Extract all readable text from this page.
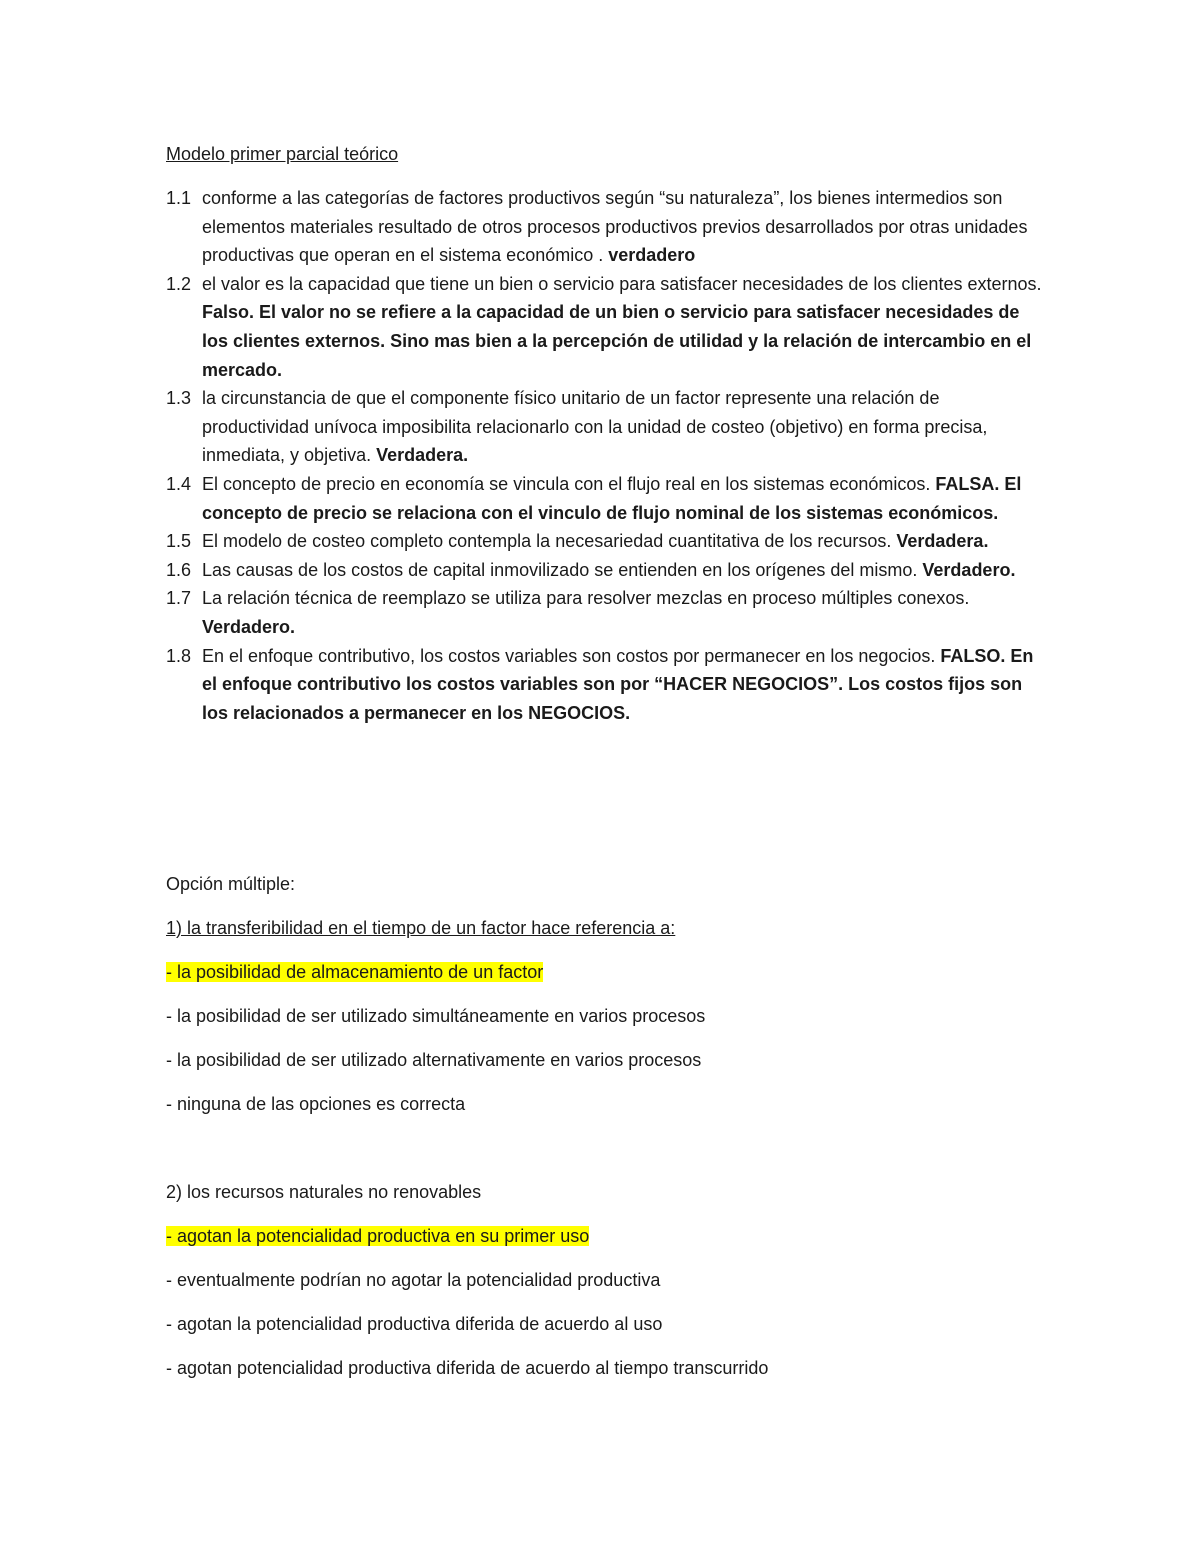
Modelo primer parcial teórico
1.1 conforme a las categorías de factores productivos según “su naturaleza”, los bienes intermedios son elementos materiales resultado de otros procesos productivos previos desarrollados por otras unidades productivas que operan en el sistema económico . verdadero
1.2 el valor es la capacidad que tiene un bien o servicio para satisfacer necesidades de los clientes externos. Falso. El valor no se refiere a la capacidad de un bien o servicio para satisfacer necesidades de los clientes externos. Sino mas bien a la percepción de utilidad y la relación de intercambio en el mercado.
1.3 la circunstancia de que el componente físico unitario de un factor represente una relación de productividad unívoca imposibilita relacionarlo con la unidad de costeo (objetivo) en forma precisa, inmediata, y objetiva. Verdadera.
1.4 El concepto de precio en economía se vincula con el flujo real en los sistemas económicos. FALSA. El concepto de precio se relaciona con el vinculo de flujo nominal de los sistemas económicos.
1.5 El modelo de costeo completo contempla la necesariedad cuantitativa de los recursos. Verdadera.
1.6 Las causas de los costos de capital inmovilizado se entienden en los orígenes del mismo. Verdadero.
1.7 La relación técnica de reemplazo se utiliza para resolver mezclas en proceso múltiples conexos. Verdadero.
1.8 En el enfoque contributivo, los costos variables son costos por permanecer en los negocios. FALSO. En el enfoque contributivo los costos variables son por “HACER NEGOCIOS”. Los costos fijos son los relacionados a permanecer en los NEGOCIOS.
Opción múltiple:
1) la transferibilidad en el tiempo de un factor hace referencia a:
- la posibilidad de almacenamiento de un factor
- la posibilidad de ser utilizado simultáneamente en varios procesos
- la posibilidad de ser utilizado alternativamente en varios procesos
- ninguna de las opciones es correcta
2) los recursos naturales no renovables
- agotan la potencialidad productiva en su primer uso
- eventualmente podrían no agotar la potencialidad productiva
- agotan la potencialidad productiva diferida de acuerdo al uso
- agotan potencialidad productiva diferida de acuerdo al tiempo transcurrido
